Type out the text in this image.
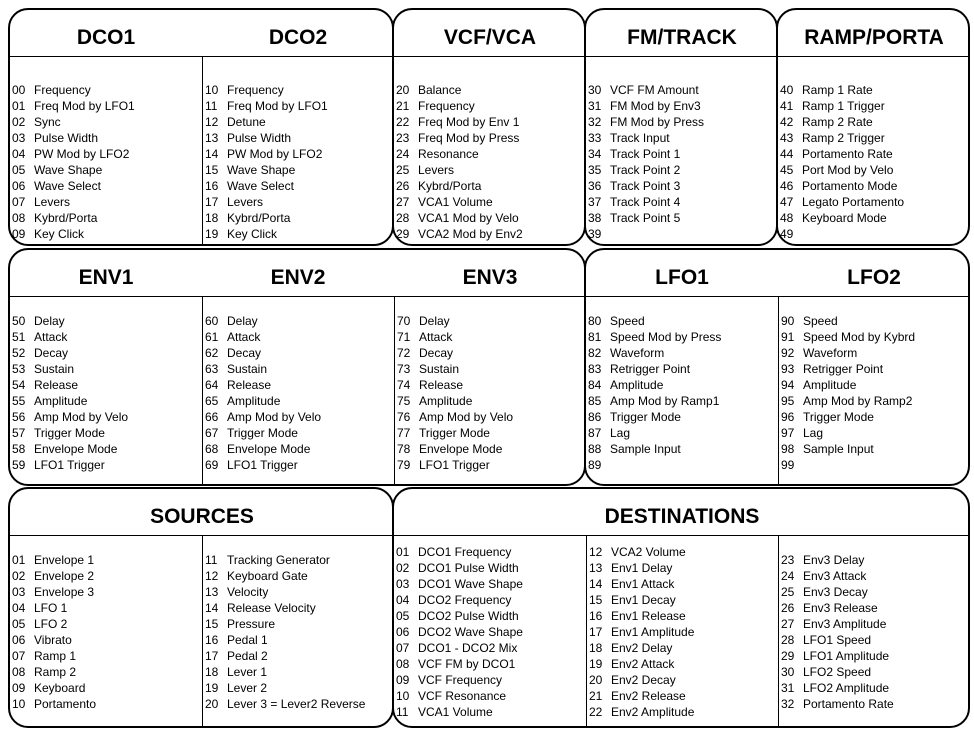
DCO1	DCO2
00 Frequency
01 Freq Mod by LFO1
02 Sync
03 Pulse Width
04 PW Mod by LFO2
05 Wave Shape
06 Wave Select
07 Levers
08 Kybrd/Porta
09 Key Click
10 Frequency
11 Freq Mod by LFO1
12 Detune
13 Pulse Width
14 PW Mod by LFO2
15 Wave Shape
16 Wave Select
17 Levers
18 Kybrd/Porta
19 Key Click
VCF/VCA
20 Balance
21 Frequency
22 Freq Mod by Env 1
23 Freq Mod by Press
24 Resonance
25 Levers
26 Kybrd/Porta
27 VCA1 Volume
28 VCA1 Mod by Velo
29 VCA2 Mod by Env2
FM/TRACK
30 VCF FM Amount
31 FM Mod by Env3
32 FM Mod by Press
33 Track Input
34 Track Point 1
35 Track Point 2
36 Track Point 3
37 Track Point 4
38 Track Point 5
39
RAMP/PORTA
40 Ramp 1 Rate
41 Ramp 1 Trigger
42 Ramp 2 Rate
43 Ramp 2 Trigger
44 Portamento Rate
45 Port Mod by Velo
46 Portamento Mode
47 Legato Portamento
48 Keyboard Mode
49
ENV1	ENV2	ENV3
50 Delay
51 Attack
52 Decay
53 Sustain
54 Release
55 Amplitude
56 Amp Mod by Velo
57 Trigger Mode
58 Envelope Mode
59 LFO1 Trigger
60 Delay
61 Attack
62 Decay
63 Sustain
64 Release
65 Amplitude
66 Amp Mod by Velo
67 Trigger Mode
68 Envelope Mode
69 LFO1 Trigger
70 Delay
71 Attack
72 Decay
73 Sustain
74 Release
75 Amplitude
76 Amp Mod by Velo
77 Trigger Mode
78 Envelope Mode
79 LFO1 Trigger
LFO1	LFO2
80 Speed
81 Speed Mod by Press
82 Waveform
83 Retrigger Point
84 Amplitude
85 Amp Mod by Ramp1
86 Trigger Mode
87 Lag
88 Sample Input
89
90 Speed
91 Speed Mod by Kybrd
92 Waveform
93 Retrigger Point
94 Amplitude
95 Amp Mod by Ramp2
96 Trigger Mode
97 Lag
98 Sample Input
99
SOURCES
01 Envelope 1
02 Envelope 2
03 Envelope 3
04 LFO 1
05 LFO 2
06 Vibrato
07 Ramp 1
08 Ramp 2
09 Keyboard
10 Portamento
11 Tracking Generator
12 Keyboard Gate
13 Velocity
14 Release Velocity
15 Pressure
16 Pedal 1
17 Pedal 2
18 Lever 1
19 Lever 2
20 Lever 3 = Lever2 Reverse
DESTINATIONS
01 DCO1 Frequency
02 DCO1 Pulse Width
03 DCO1 Wave Shape
04 DCO2 Frequency
05 DCO2 Pulse Width
06 DCO2 Wave Shape
07 DCO1 - DCO2 Mix
08 VCF FM by DCO1
09 VCF Frequency
10 VCF Resonance
11 VCA1 Volume
12 VCA2 Volume
13 Env1 Delay
14 Env1 Attack
15 Env1 Decay
16 Env1 Release
17 Env1 Amplitude
18 Env2 Delay
19 Env2 Attack
20 Env2 Decay
21 Env2 Release
22 Env2 Amplitude
23 Env3 Delay
24 Env3 Attack
25 Env3 Decay
26 Env3 Release
27 Env3 Amplitude
28 LFO1 Speed
29 LFO1 Amplitude
30 LFO2 Speed
31 LFO2 Amplitude
32 Portamento Rate
